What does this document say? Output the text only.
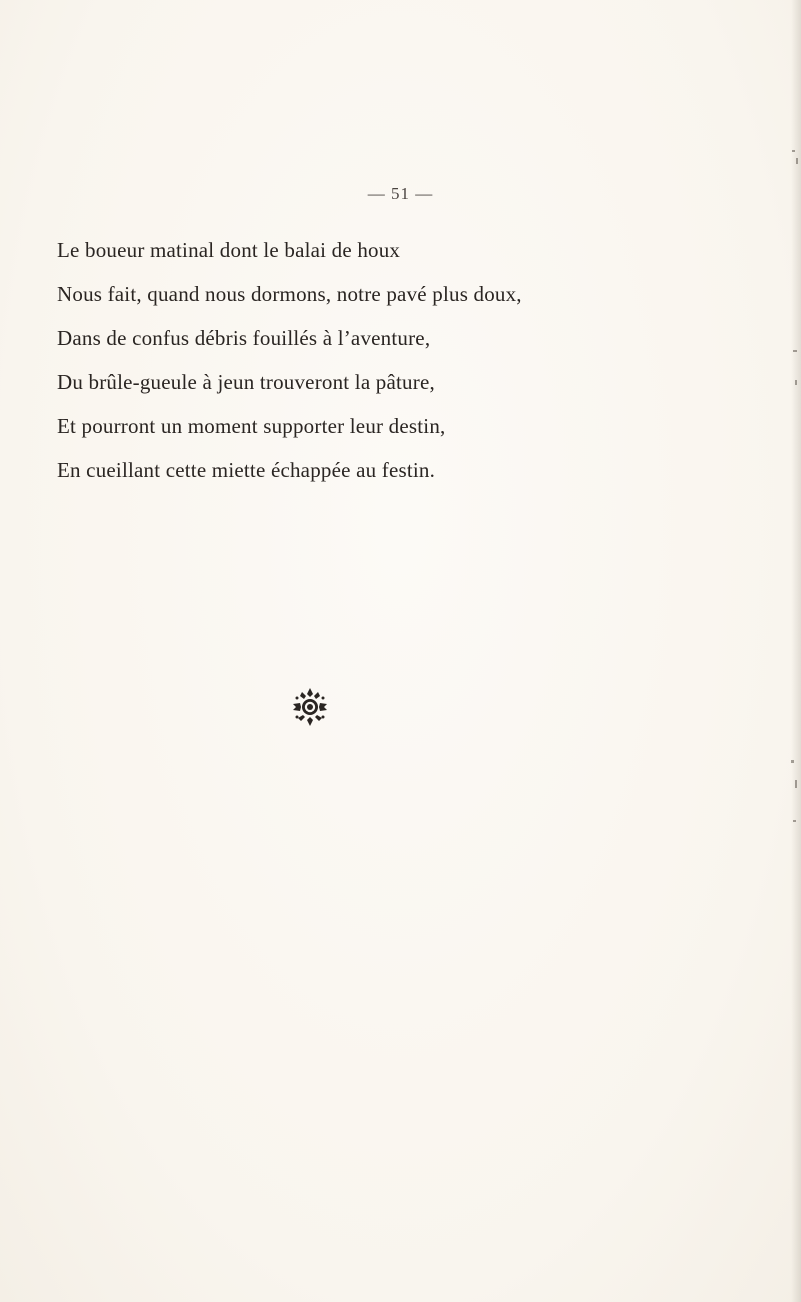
— 51 —
Le boueur matinal dont le balai de houx
Nous fait, quand nous dormons, notre pavé plus doux,
Dans de confus débris fouillés à l’aventure,
Du brûle-gueule à jeun trouveront la pâture,
Et pourront un moment supporter leur destin,
En cueillant cette miette échappée au festin.
